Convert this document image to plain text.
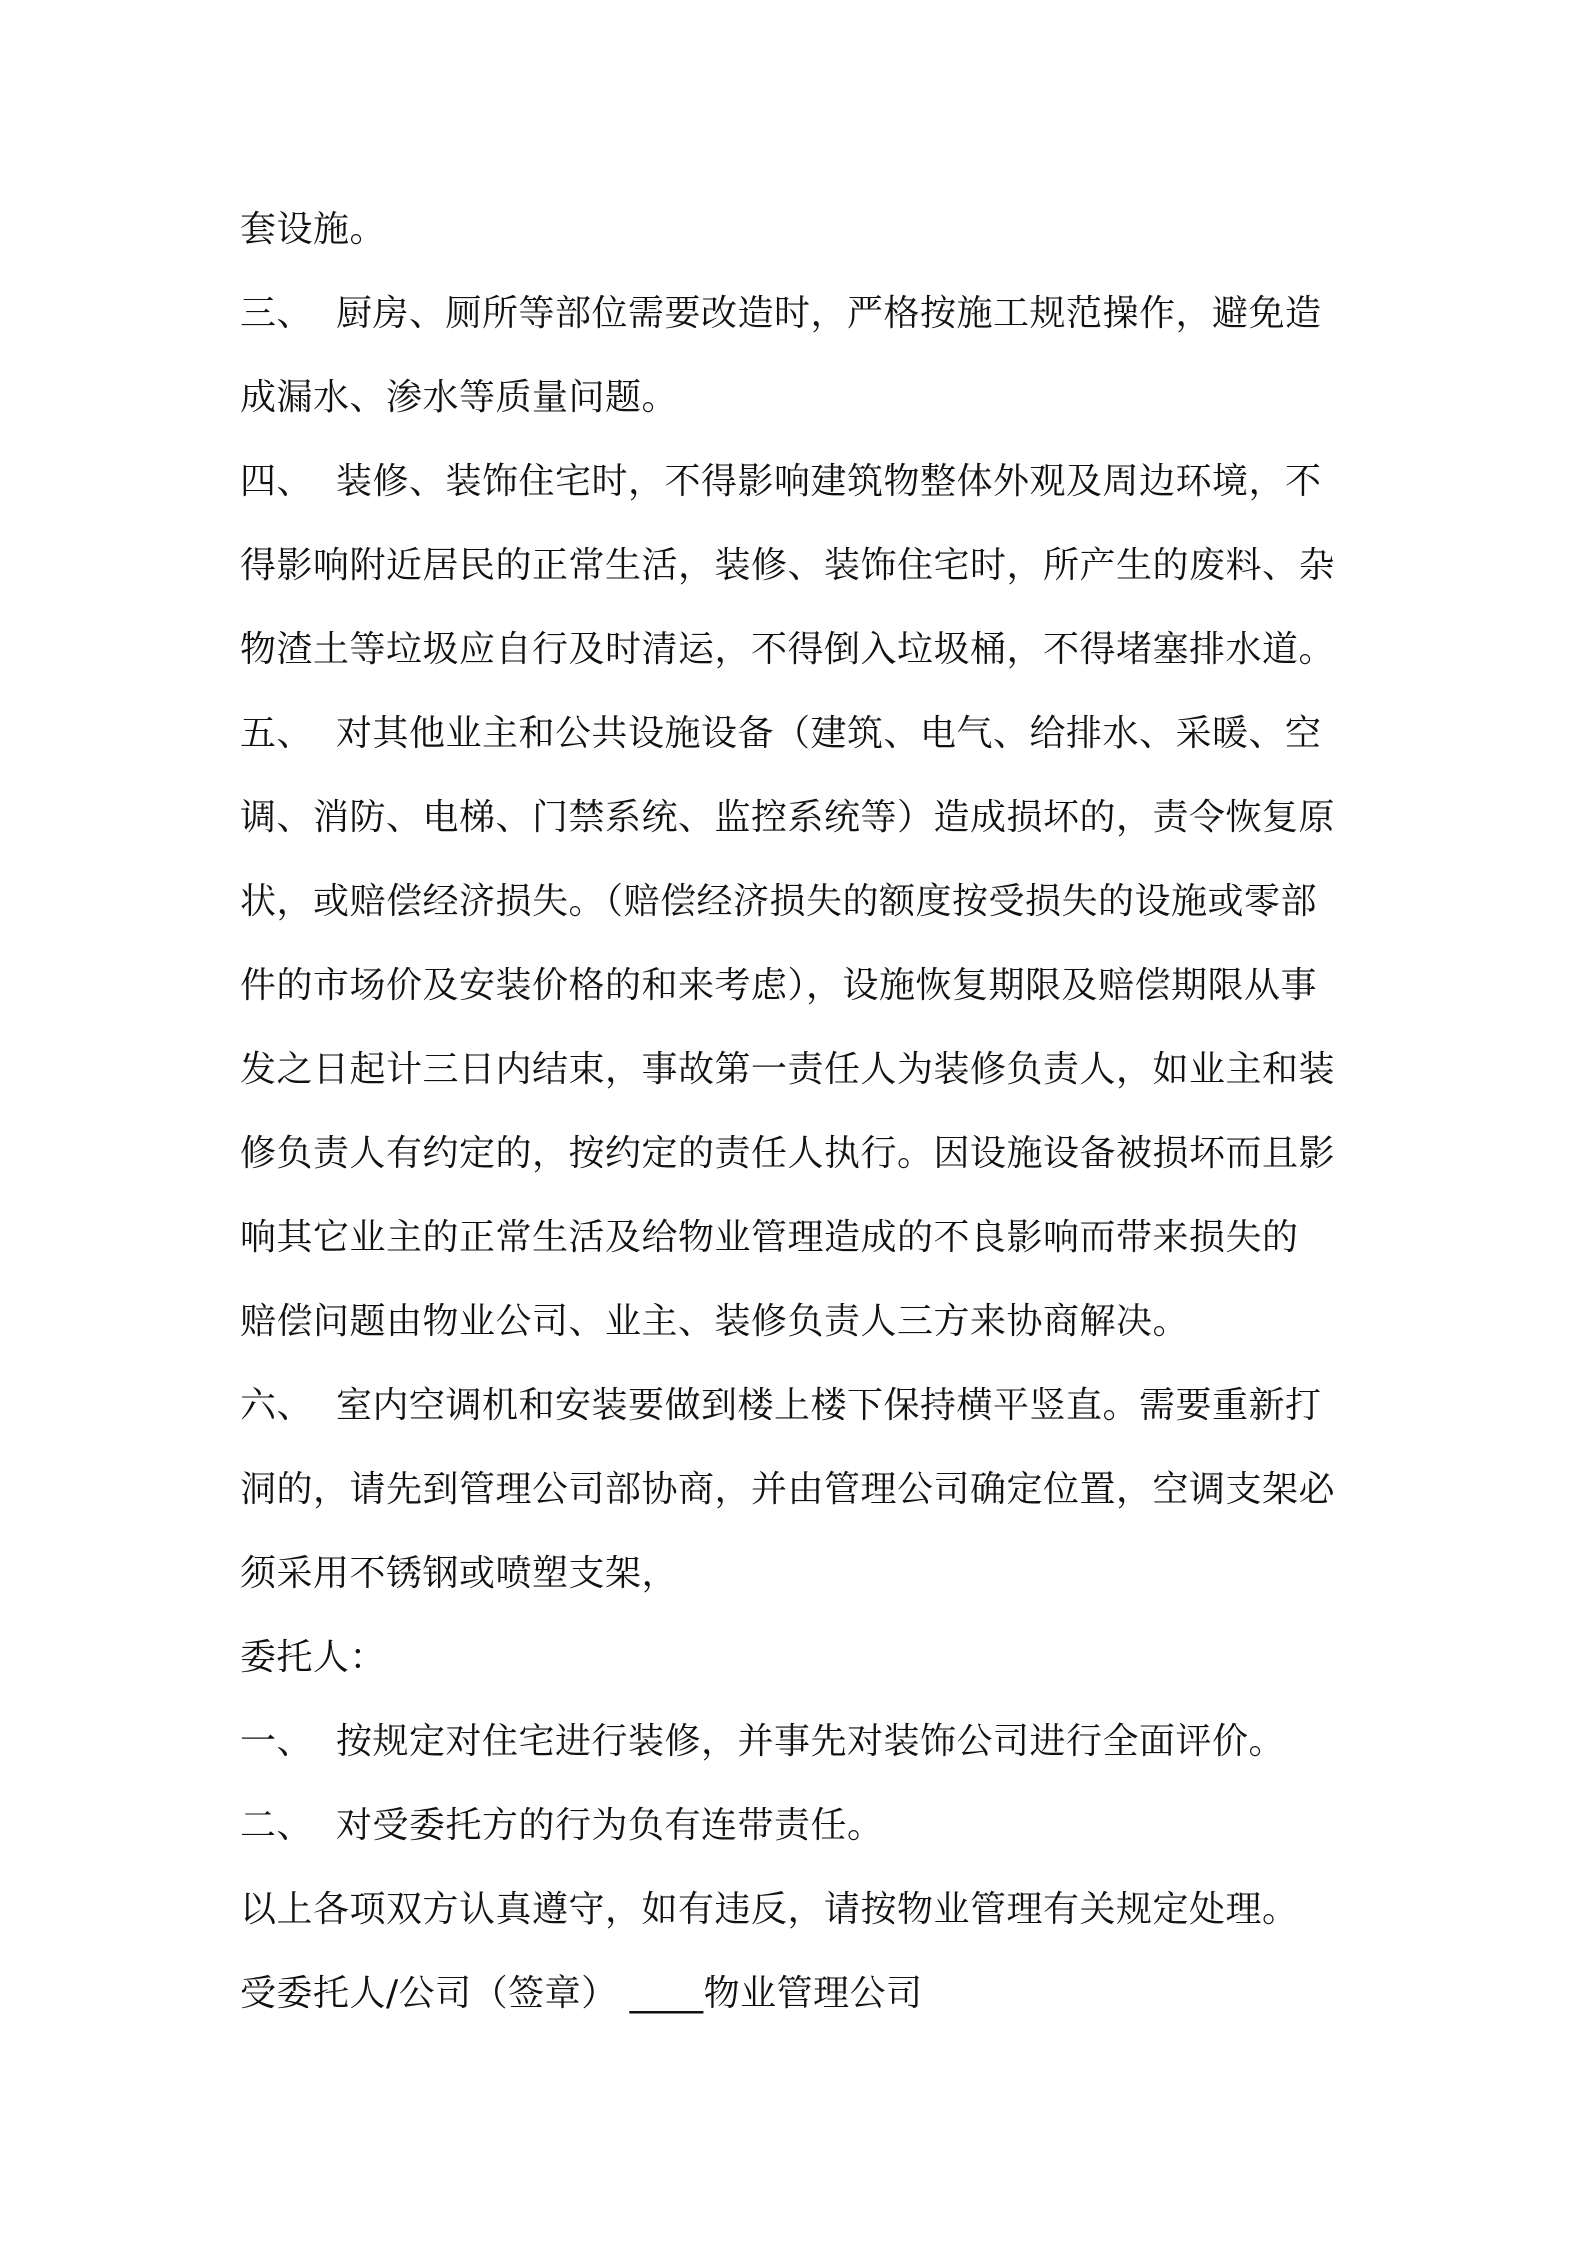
套设施。
三、 厨房、厕所等部位需要改造时，严格按施工规范操作，避免造
成漏水、渗水等质量问题。
四、 装修、装饰住宅时，不得影响建筑物整体外观及周边环境，不
得影响附近居民的正常生活，装修、装饰住宅时，所产生的废料、杂
物渣土等垃圾应自行及时清运，不得倒入垃圾桶，不得堵塞排水道。
五、 对其他业主和公共设施设备（建筑、电气、给排水、采暖、空
调、消防、电梯、门禁系统、监控系统等）造成损坏的，责令恢复原
状，或赔偿经济损失。（赔偿经济损失的额度按受损失的设施或零部
件的市场价及安装价格的和来考虑），设施恢复期限及赔偿期限从事
发之日起计三日内结束，事故第一责任人为装修负责人，如业主和装
修负责人有约定的，按约定的责任人执行。因设施设备被损坏而且影
响其它业主的正常生活及给物业管理造成的不良影响而带来损失的
赔偿问题由物业公司、业主、装修负责人三方来协商解决。
六、 室内空调机和安装要做到楼上楼下保持横平竖直。需要重新打
洞的，请先到管理公司部协商，并由管理公司确定位置，空调支架必
须采用不锈钢或喷塑支架，
委托人：
一、 按规定对住宅进行装修，并事先对装饰公司进行全面评价。
二、 对受委托方的行为负有连带责任。
以上各项双方认真遵守，如有违反，请按物业管理有关规定处理。
受委托人/公司（签章） ____物业管理公司
